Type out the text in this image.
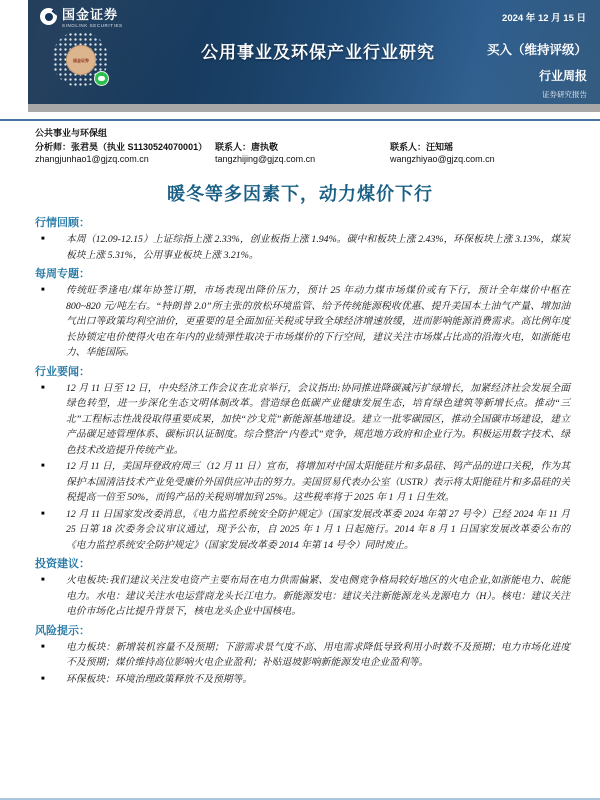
国金证券
SINOLINK SECURITIES
2024 年 12 月 15 日
国金证券	公用事业及环保产业行业研究	买入（维持评级）
行业周报
证券研究报告
公共事业与环保组
分析师：张君昊（执业 S1130524070001）
zhangjunhao1@gjzq.com.cn
联系人：唐执敬
tangzhijing@gjzq.com.cn
联系人：汪知瑶
wangzhiyao@gjzq.com.cn
暖冬等多因素下，动力煤价下行
行情回顾：
■	本周（12.09-12.15）上证综指上涨 2.33%，创业板指上涨 1.94%。碳中和板块上涨 2.43%，环保板块上涨 3.13%，煤炭板块上涨 5.31%，公用事业板块上涨 3.21%。
每周专题：
■	传统旺季逢电/煤年协签订期，市场表现出降价压力，预计 25 年动力煤市场煤价或有下行，预计全年煤价中枢在 800~820 元/吨左右。“特朗普 2.0”所主张的放松环境监管、给予传统能源税收优惠、提升美国本土油气产量、增加油气出口等政策均利空油价，更重要的是全面加征关税或导致全球经济增速放缓，进而影响能源消费需求。高比例年度长协锁定电价使得火电在年内的业绩弹性取决于市场煤价的下行空间，建议关注市场煤占比高的沿海火电，如浙能电力、华能国际。
行业要闻：
■	12 月 11 日至 12 日，中央经济工作会议在北京举行，会议指出:协同推进降碳减污扩绿增长，加紧经济社会发展全面绿色转型，进一步深化生态文明体制改革。营造绿色低碳产业健康发展生态，培育绿色建筑等新增长点。推动“三北”工程标志性战役取得重要成果，加快“沙戈荒”新能源基地建设。建立一批零碳园区，推动全国碳市场建设，建立产品碳足迹管理体系、碳标识认证制度。综合整治“内卷式”竞争，规范地方政府和企业行为。积极运用数字技术、绿色技术改造提升传统产业。
■	12 月 11 日，美国拜登政府周三（12 月 11 日）宣布，将增加对中国太阳能硅片和多晶硅、钨产品的进口关税，作为其保护本国清洁技术产业免受廉价外国供应冲击的努力。美国贸易代表办公室（USTR）表示将太阳能硅片和多晶硅的关税提高一倍至 50%，而钨产品的关税则增加到 25%。这些税率将于 2025 年 1 月 1 日生效。
■	12 月 11 日国家发改委消息，《电力监控系统安全防护规定》（国家发展改革委 2024 年第 27 号令）已经 2024 年 11 月 25 日第 18 次委务会议审议通过，现予公布，自 2025 年 1 月 1 日起施行。2014 年 8 月 1 日国家发展改革委公布的《电力监控系统安全防护规定》（国家发展改革委 2014 年第 14 号令）同时废止。
投资建议：
■	火电板块:我们建议关注发电资产主要布局在电力供需偏紧、发电侧竞争格局较好地区的火电企业,如浙能电力、皖能电力。水电：建议关注水电运营商龙头长江电力。新能源发电：建议关注新能源龙头龙源电力（H）。核电：建议关注电价市场化占比提升背景下，核电龙头企业中国核电。
风险提示：
■	电力板块：新增装机容量不及预期；下游需求景气度不高、用电需求降低导致利用小时数不及预期；电力市场化进度不及预期；煤价维持高位影响火电企业盈利；补贴退坡影响新能源发电企业盈利等。
■	环保板块：环境治理政策释放不及预期等。
